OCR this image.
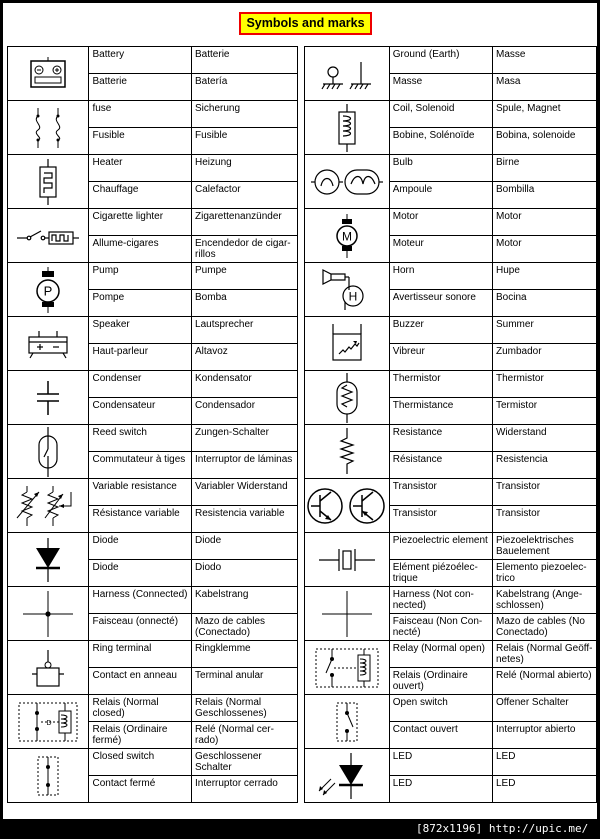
Symbols and marks

Battery	Batterie			Ground (Earth)	Masse

	Batterie	Batería			Masse	Masa

fuse	Sicherung			Coil, Solenoid	Spule, Magnet

	Fusible	Fusible			Bobine, Solénoïde	Bobina, solenoide

Heater	Heizung			Bulb	Birne

	Chauffage	Calefactor			Ampoule	Bombilla

Cigarette lighter	Zigarettenanzünder		M	Motor	Motor

	Allume-cigares	Encendedor de cigar-rillos			Moteur	Motor

P	Pump	Pumpe		H	Horn	Hupe

	Pompe	Bomba			Avertisseur sonore	Bocina

Speaker	Lautsprecher			Buzzer	Summer

	Haut-parleur	Altavoz			Vibreur	Zumbador

Condenser	Kondensator			Thermistor	Thermistor

	Condensateur	Condensador			Thermistance	Termistor

Reed switch	Zungen-Schalter			Resistance	Widerstand

	Commutateur à tiges	Interruptor de láminas			Résistance	Resistencia

Variable resistance	Variabler Widerstand			Transistor	Transistor

	Résistance variable	Resistencia variable			Transistor	Transistor

Diode	Diode			Piezoelectric element	Piezoelektrisches Bauelement

	Diode	Diodo			Elément piézoélec-trique	Elemento piezoelec-trico

Harness (Connected)	Kabelstrang			Harness (Not con-nected)	Kabelstrang (Ange-schlossen)

	Faisceau (onnecté)	Mazo de cables (Conectado)			Faisceau (Non Con-necté)	Mazo de cables (No Conectado)

Ring terminal	Ringklemme			Relay (Normal open)	Relais (Normal Geöff-netes)

	Contact en anneau	Terminal anular			Relais (Ordinaire ouvert)	Relé (Normal abierto)

D	Relais (Normal closed)	Relais (Normal Geschlossenes)			Open switch	Offener Schalter

	Relais (Ordinaire fermé)	Relé (Normal cer-rado)			Contact ouvert	Interruptor abierto

Closed switch	Geschlossener Schalter			LED	LED

	Contact fermé	Interruptor cerrado			LED	LED
[872x1196] http://upic.me/
